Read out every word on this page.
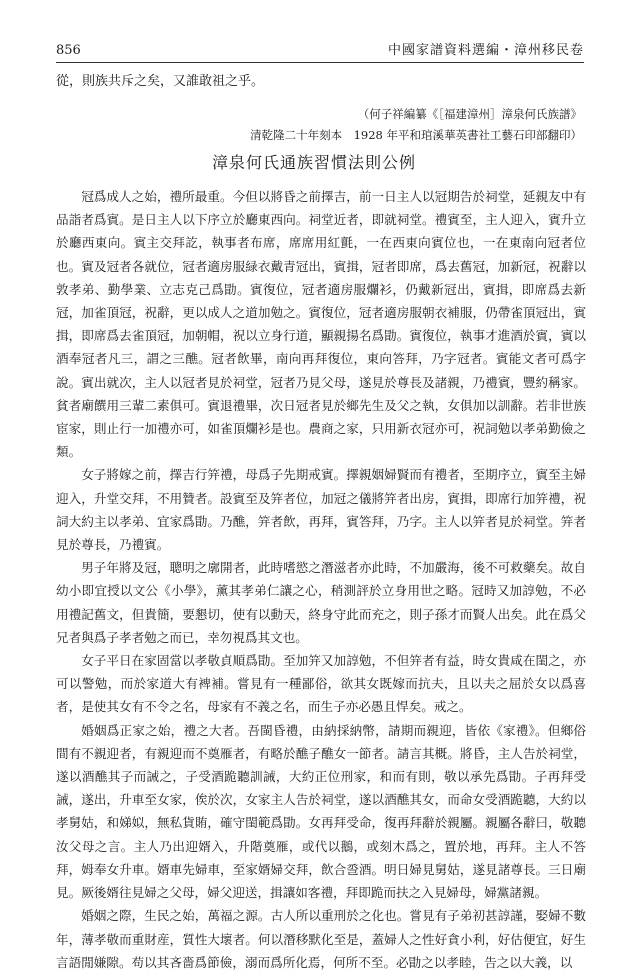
856	中國家譜資料選編・漳州移民卷
從，則族共斥之矣，又誰敢祖之乎。
（何子祥編纂《［福建漳州］漳泉何氏族譜》
清乾隆二十年刻本　1928 年平和琯溪華英書社工藝石印部翻印）
漳泉何氏通族習慣法則公例

冠爲成人之始，禮所最重。今但以將昏之前擇吉，前一日主人以冠期告於祠堂，延親友中有品詣者爲賓。是日主人以下序立於廳東西向。祠堂近者，即就祠堂。禮賓至，主人迎入，賓升立於廳西東向。賓主交拜訖，執事者布席，席席用紅氈，一在西東向賓位也，一在東南向冠者位也。賓及冠者各就位，冠者適房服緑衣戴青冠出，賓揖，冠者即席，爲去舊冠，加新冠，祝辭以敦孝弟、勤學業、立志克己爲勖。賓復位，冠者適房服爛衫，仍戴新冠出，賓揖，即席爲去新冠，加雀頂冠，祝辭，更以成人之道加勉之。賓復位，冠者適房服朝衣補服，仍帶雀頂冠出，賓揖，即席爲去雀頂冠，加朝帽，祝以立身行道，顯親揚名爲勖。賓復位，執事才進酒於賓，賓以酒奉冠者凡三，謂之三醮。冠者飲畢，南向再拜復位，東向答拜，乃字冠者。賓能文者可爲字說。賓出就次，主人以冠者見於祠堂，冠者乃見父母，遂見於尊長及諸親，乃禮賓，豐約稱家。貧者廟饌用三輩二素俱可。賓退禮畢，次日冠者見於鄉先生及父之執，女俱加以訓辭。若非世族宦家，則止行一加禮亦可，如雀頂爛衫是也。農商之家，只用新衣冠亦可，祝詞勉以孝弟勤儉之類。

女子將嫁之前，擇吉行笄禮，母爲子先期戒賓。擇親姻婦賢而有禮者，至期序立，賓至主婦迎入，升堂交拜，不用贊者。設賓至及笄者位，加冠之儀將笄者出房，賓揖，即席行加笄禮，祝詞大約主以孝弟、宜家爲勖。乃醮，笄者飲，再拜，賓答拜，乃字。主人以笄者見於祠堂。笄者見於尊長，乃禮賓。

男子年將及冠，聰明之廓開者，此時嗜慾之潛滋者亦此時，不加嚴海，後不可救藥矣。故自幼小即宜授以文公《小學》，薰其孝弟仁讓之心，稍測評於立身用世之略。冠時又加諄勉，不必用禮記舊文，但貴簡，要懇切，使有以動天，終身守此而充之，則子孫才而賢人出矣。此在爲父兄者與爲子孝者勉之而已，幸勿視爲其文也。

女子平日在家固當以孝敬貞順爲勖。至加笄又加諄勉，不但笄者有益，時女貴咸在閨之，亦可以警勉，而於家道大有裨補。嘗見有一種鄙俗，欲其女既嫁而抗夫，且以夫之屈於女以爲喜者，是使其女有不令之名，母家有不義之名，而生子亦必愚且悍矣。戒之。

婚姻爲正家之始，禮之大者。吾閩昏禮，由納採納幣，請期而親迎，皆依《家禮》。但鄉俗間有不親迎者，有親迎而不奠雁者，有略於醮子醮女一節者。請言其概。將昏，主人告於祠堂，遂以酒醮其子而誡之，子受酒跪聽訓誡，大約正位刑家，和而有則，敬以承先爲勖。子再拜受誡，遂出，升車至女家，俟於次，女家主人告於祠堂，遂以酒醮其女，而命女受酒跪聽，大約以孝舅姑，和娣姒，無私貨賄，確守閨範爲勖。女再拜受命，復再拜辭於親屬。親屬各辭曰，敬聽汝父母之言。主人乃出迎婿入，升階奠雁，或代以鵝，或刻木爲之，置於地，再拜。主人不答拜，姆奉女升車。婿車先婦車，至家婿婦交拜，飲合巹酒。明日婦見舅姑，遂見諸尊長。三日廟見。厥後婿往見婦之父母，婦父迎送，揖讓如客禮，拜即跪而扶之入見婦母，婦黨諸親。

婚姻之際，生民之始，萬福之源。古人所以重刑於之化也。嘗見有子弟初甚諄謹，娶婦不數年，薄孝敬而重財産，質性大壞者。何以潛移默化至是，蓋婦人之性好貪小利，好估便宜，好生言語閒嫌隙。苟以其吝嗇爲節儉，溺而爲所化焉，何所不至。必勖之以孝睦，告之以大義，以
